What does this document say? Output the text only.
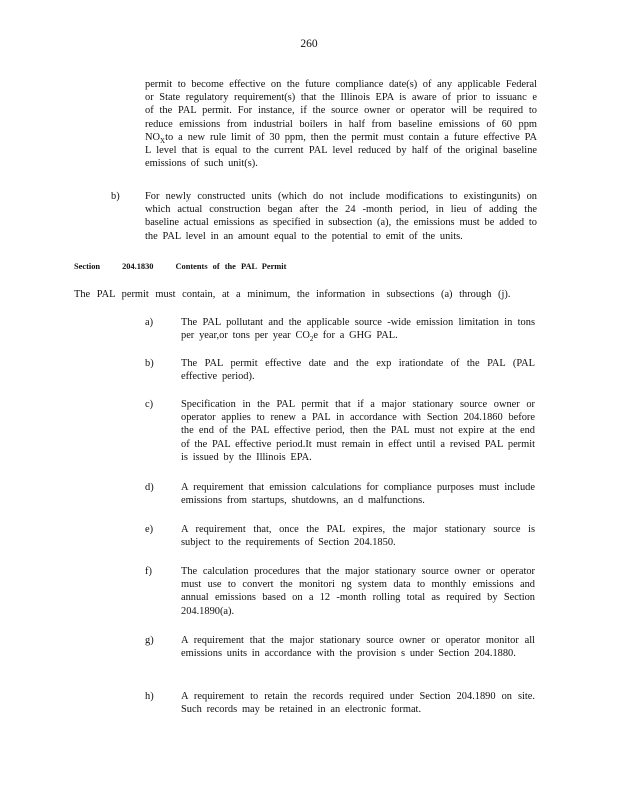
260
permit to become effective on the future compliance date(s) of any applicable Federal or State regulatory requirement(s) that the Illinois EPA is aware of prior to issuanc e of the PAL permit. For instance, if the source owner or operator will be required to reduce emissions from industrial boilers in half from baseline emissions of 60 ppm $NO_Xto$ a new rule limit of 30 ppm, then the permit must contain a future effective PA L level that is equal to the current PAL level reduced by half of the original baseline emissions of such unit(s).
b) For newly constructed units (which do not include modifications to existingunits) on which actual construction began after the 24 -month period, in lieu of adding the baseline actual emissions as specified in subsection (a), the emissions must be added to the PAL level in an amount equal to the potential to emit of the units.
Section	204.1830	Contents of the PAL Permit
The PAL permit must contain, at a minimum, the information in subsections (a) through (j).
a)	The PAL pollutant and the applicable source -wide emission limitation in tons per year,or tons per year $CO_2e$ for a GHG PAL.
b)	The PAL permit effective date and the exp irationdate of the PAL (PAL effective period).
c)	Specification in the PAL permit that if a major stationary source owner or operator applies to renew a PAL in accordance with Section 204.1860 before the end of the PAL effective period, then the PAL must not expire at the end of the PAL effective period.It must remain in effect until a revised PAL permit is issued by the Illinois EPA.
d)	A requirement that emission calculations for compliance purposes must include emissions from startups, shutdowns, an d malfunctions.
e)	A requirement that, once the PAL expires, the major stationary source is subject to the requirements of Section 204.1850.
f)	The calculation procedures that the major stationary source owner or operator must use to convert the monitori ng system data to monthly emissions and annual emissions based on a 12 -month rolling total as required by Section 204.1890(a).
g)	A requirement that the major stationary source owner or operator monitor all emissions units in accordance with the provision s under Section 204.1880.
h)	A requirement to retain the records required under Section 204.1890 on site. Such records may be retained in an electronic format.
